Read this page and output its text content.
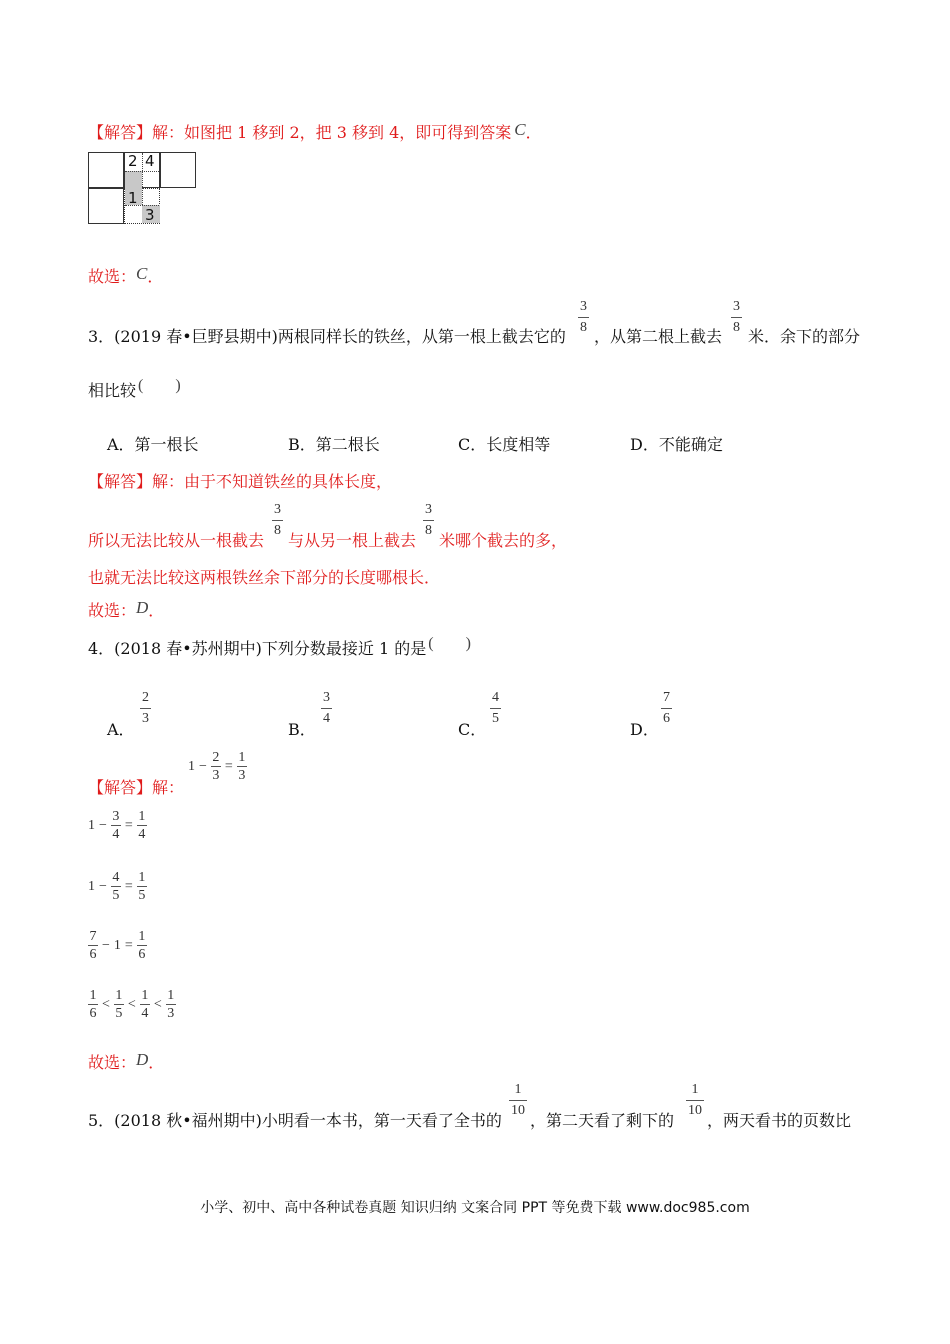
【解答】解：如图把 1 移到 2，把 3 移到 4，即可得到答案 C．
2 4
1
3
故选：C．
3．(2019 春•巨野县期中)两根同样长的铁丝，从第一根上截去它的
3
8 ，从第二根上截去
3
8 米．余下的部分
相比较 (　　)
A．第一根长	B．第二根长	C．长度相等	D．不能确定
【解答】解：由于不知道铁丝的具体长度，
所以无法比较从一根截去
3
8
与从另一根上截去
3
8
米哪个截去的多，
也就无法比较这两根铁丝余下部分的长度哪根长．
故选：D．
4．(2018 春•苏州期中)下列分数最接近 1 的是 (　　)
A．
2
3
B．
3
4
C．
4
5
D．
7
6
【解答】解：
1 −
2
3
=
1
3
1 −
3
4
=
1
4
1 −
4
5
=
1
5
7
6
− 1 =
1
6
1
6
<
1
5
<
1
4
<
1
3
故选：D．
5．(2018 秋•福州期中)小明看一本书，第一天看了全书的
1
10
，第二天看了剩下的
1
10
，两天看书的页数比
小学、初中、高中各种试卷真题 知识归纳 文案合同 PPT 等免费下载 www.doc985.com
